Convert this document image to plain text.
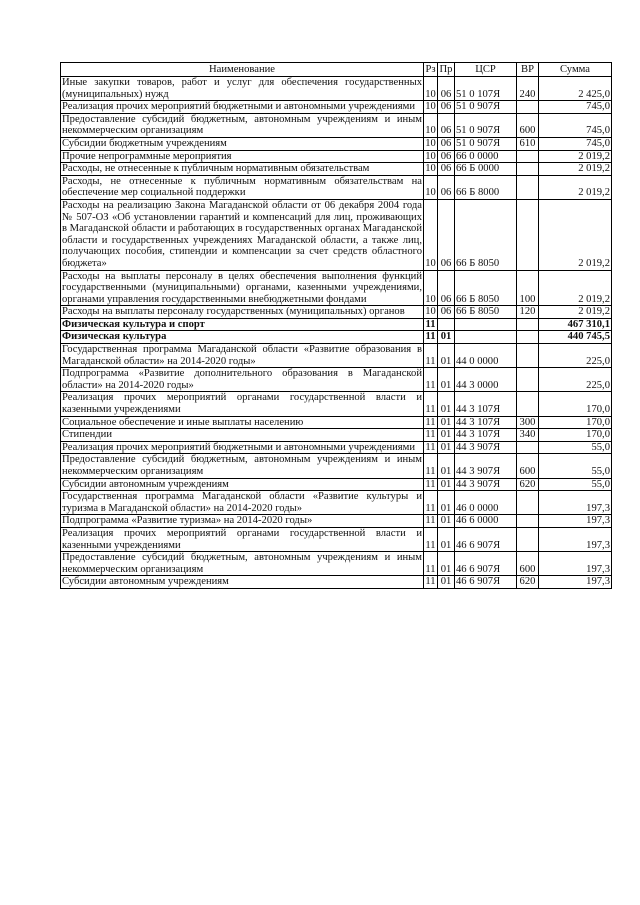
Наименование	Рз	Пр	ЦСР	ВР	Сумма
Иные закупки товаров, работ и услуг для обеспечения государственных (муниципальных) нужд	10	06	51 0 107Я	240	2 425,0
Реализация прочих мероприятий бюджетными и автономными учреждениями	10	06	51 0 907Я		745,0
Предоставление субсидий бюджетным, автономным учреждениям и иным некоммерческим организациям	10	06	51 0 907Я	600	745,0
Субсидии бюджетным учреждениям	10	06	51 0 907Я	610	745,0
Прочие непрограммные мероприятия	10	06	66 0 0000		2 019,2
Расходы, не отнесенные к публичным нормативным обязательствам	10	06	66 Б 0000		2 019,2
Расходы, не отнесенные к публичным нормативным обязательствам на обеспечение мер социальной поддержки	10	06	66 Б 8000		2 019,2
Расходы на реализацию Закона Магаданской области от 06 декабря 2004 года № 507-ОЗ «Об установлении гарантий и компенсаций для лиц, проживающих в Магаданской области и работающих в государственных органах Магаданской области и государственных учреждениях Магаданской области, а также лиц, получающих пособия, стипендии и компенсации за счет средств областного бюджета»	10	06	66 Б 8050		2 019,2
Расходы на выплаты персоналу в целях обеспечения выполнения функций государственными (муниципальными) органами, казенными учреждениями, органами управления государственными внебюджетными фондами	10	06	66 Б 8050	100	2 019,2
Расходы на выплаты персоналу государственных (муниципальных) органов	10	06	66 Б 8050	120	2 019,2
Физическая культура и спорт	11				467 310,1
Физическая культура	11	01			440 745,5
Государственная программа Магаданской области «Развитие образования в Магаданской области» на 2014-2020 годы»	11	01	44 0 0000		225,0
Подпрограмма «Развитие дополнительного образования в Магаданской области» на 2014-2020 годы»	11	01	44 3 0000		225,0
Реализация прочих мероприятий органами государственной власти и казенными учреждениями	11	01	44 3 107Я		170,0
Социальное обеспечение и иные выплаты населению	11	01	44 3 107Я	300	170,0
Стипендии	11	01	44 3 107Я	340	170,0
Реализация прочих мероприятий бюджетными и автономными учреждениями	11	01	44 3 907Я		55,0
Предоставление субсидий бюджетным, автономным учреждениям и иным некоммерческим организациям	11	01	44 3 907Я	600	55,0
Субсидии автономным учреждениям	11	01	44 3 907Я	620	55,0
Государственная программа Магаданской области «Развитие культуры и туризма в Магаданской области» на 2014-2020 годы»	11	01	46 0 0000		197,3
Подпрограмма «Развитие туризма» на 2014-2020 годы»	11	01	46 6 0000		197,3
Реализация прочих мероприятий органами государственной власти и казенными учреждениями	11	01	46 6 907Я		197,3
Предоставление субсидий бюджетным, автономным учреждениям и иным некоммерческим организациям	11	01	46 6 907Я	600	197,3
Субсидии автономным учреждениям	11	01	46 6 907Я	620	197,3
